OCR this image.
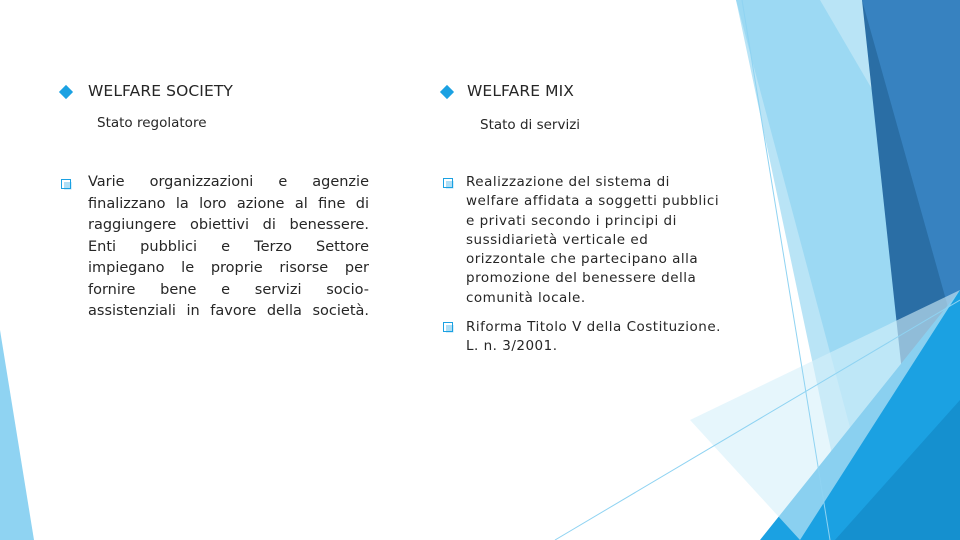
WELFARE SOCIETY
Stato regolatore
Varie organizzazioni e agenzie
finalizzano la loro azione al fine di
raggiungere obiettivi di benessere.
Enti pubblici e Terzo Settore
impiegano le proprie risorse per
fornire bene e servizi socio-
assistenziali in favore della società.
WELFARE MIX
Stato di servizi
Realizzazione del sistema di
welfare affidata a soggetti pubblici
e privati secondo i principi di
sussidiarietà verticale ed
orizzontale che partecipano alla
promozione del benessere della
comunità locale.
Riforma Titolo V della Costituzione.
L. n. 3/2001.
